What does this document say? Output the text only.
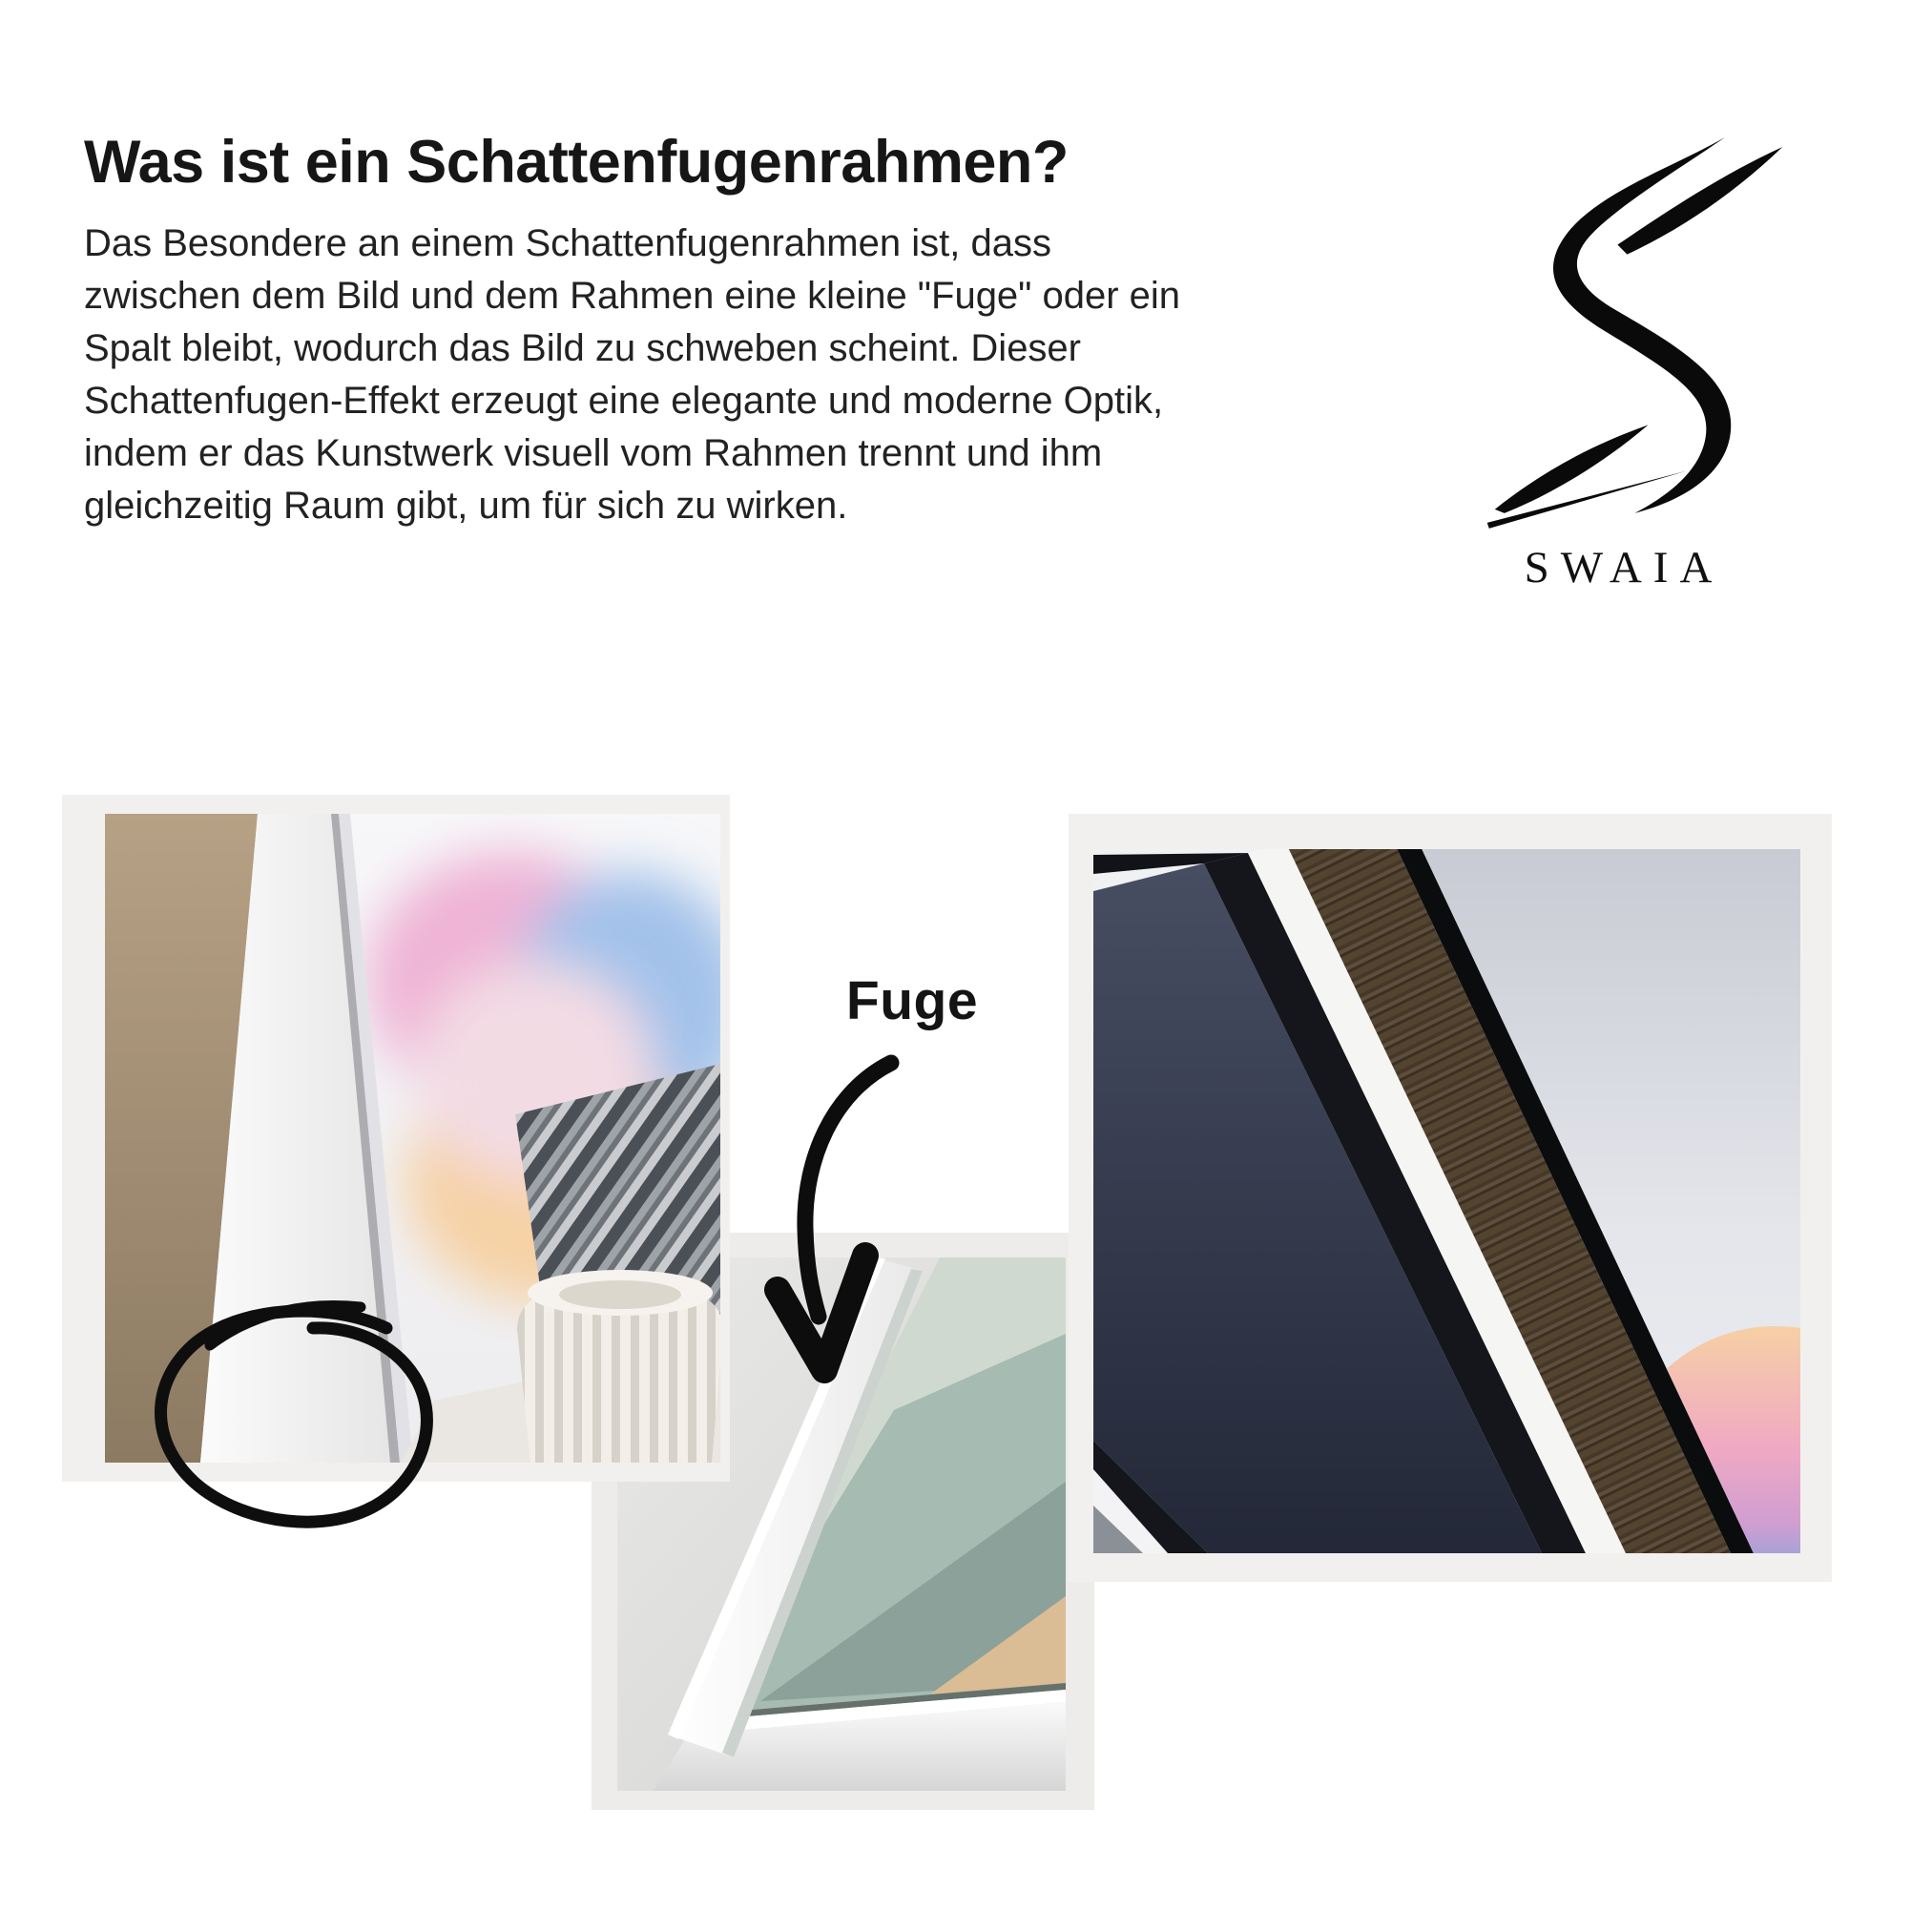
Was ist ein Schattenfugenrahmen?

Das Besondere an einem Schattenfugenrahmen ist, dass zwischen dem Bild und dem Rahmen eine kleine "Fuge" oder ein Spalt bleibt, wodurch das Bild zu schweben scheint. Dieser Schattenfugen-Effekt erzeugt eine elegante und moderne Optik, indem er das Kunstwerk visuell vom Rahmen trennt und ihm gleichzeitig Raum gibt, um für sich zu wirken.

SWAIA
Fuge
